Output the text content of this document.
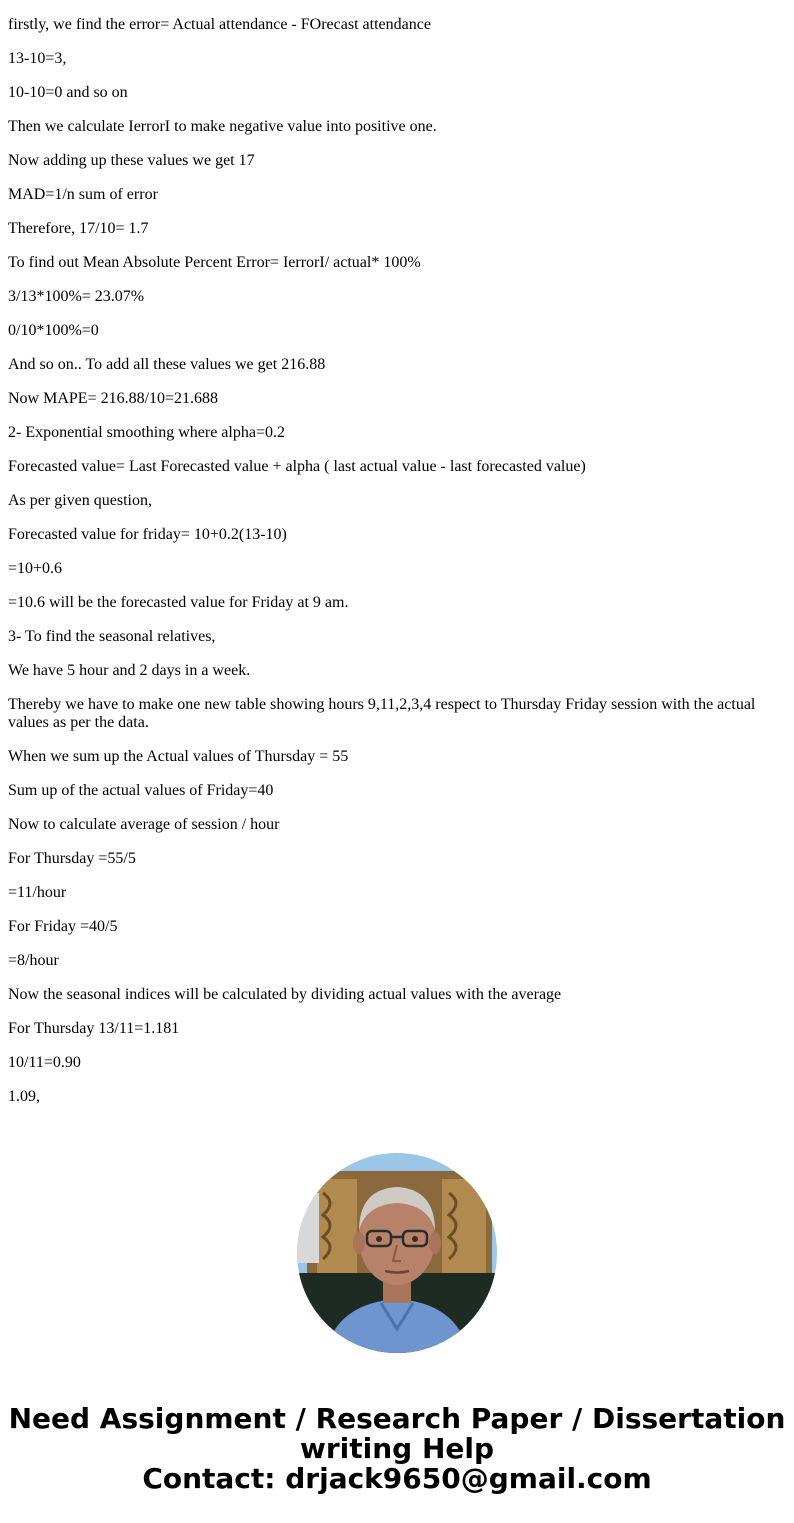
firstly, we find the error= Actual attendance - FOrecast attendance

13-10=3,

10-10=0 and so on

Then we calculate IerrorI to make negative value into positive one.

Now adding up these values we get 17

MAD=1/n sum of error

Therefore, 17/10= 1.7

To find out Mean Absolute Percent Error= IerrorI/ actual* 100%

3/13*100%= 23.07%

0/10*100%=0

And so on.. To add all these values we get 216.88

Now MAPE= 216.88/10=21.688

2- Exponential smoothing where alpha=0.2

Forecasted value= Last Forecasted value + alpha ( last actual value - last forecasted value)

As per given question,

Forecasted value for friday= 10+0.2(13-10)

=10+0.6

=10.6 will be the forecasted value for Friday at 9 am.

3- To find the seasonal relatives,

We have 5 hour and 2 days in a week.

Thereby we have to make one new table showing hours 9,11,2,3,4 respect to Thursday Friday session with the actual values as per the data.

When we sum up the Actual values of Thursday = 55

Sum up of the actual values of Friday=40

Now to calculate average of session / hour

For Thursday =55/5

=11/hour

For Friday =40/5

=8/hour

Now the seasonal indices will be calculated by dividing actual values with the average

For Thursday 13/11=1.181

10/11=0.90

1.09,

Need Assignment / Research Paper / Dissertation
writing Help
Contact: drjack9650@gmail.com
